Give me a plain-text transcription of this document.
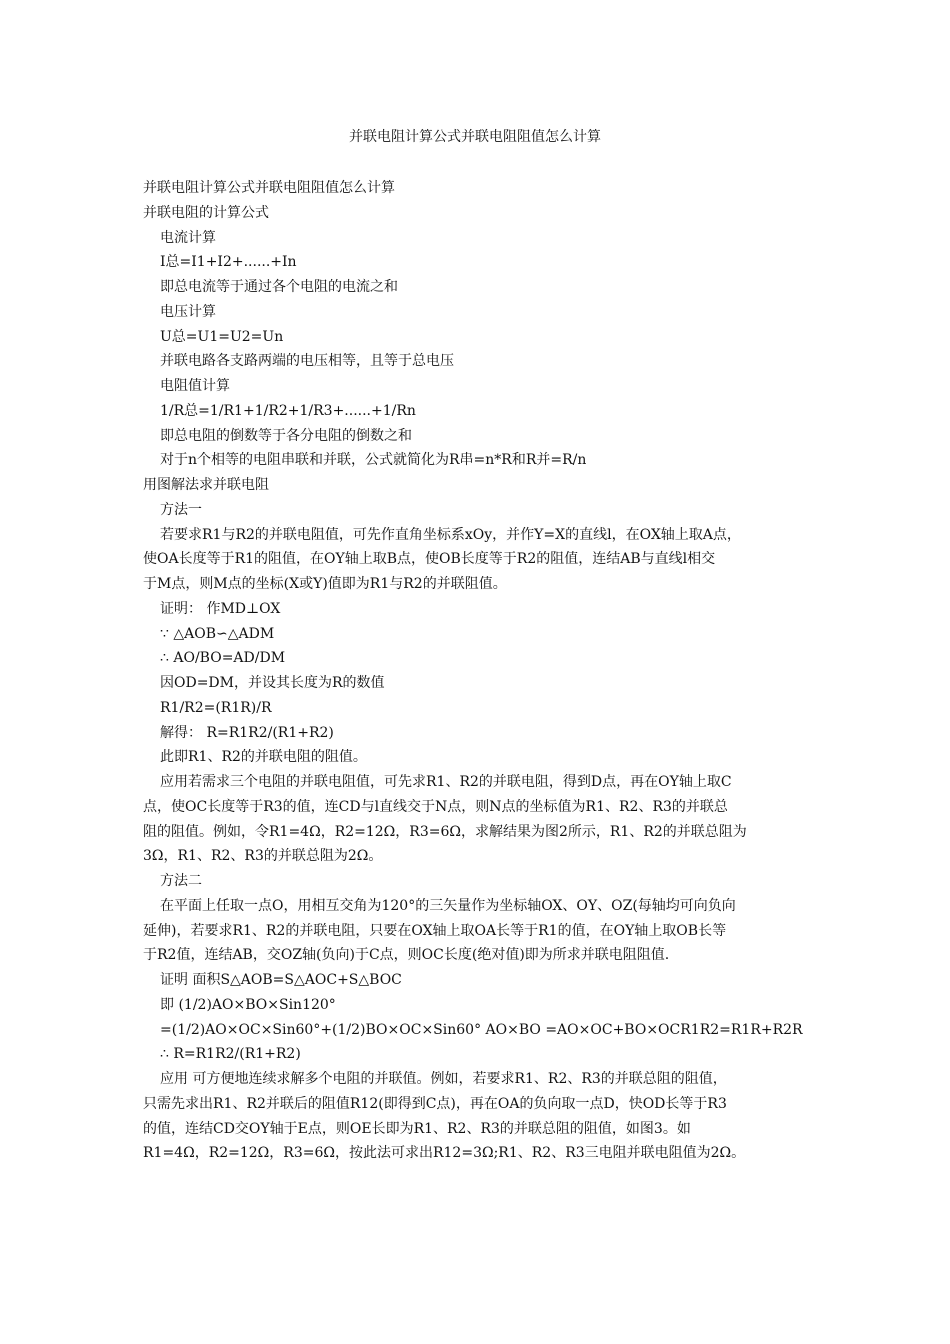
并联电阻计算公式并联电阻阻值怎么计算
并联电阻计算公式并联电阻阻值怎么计算
并联电阻的计算公式
电流计算
I总=I1+I2+......+In
即总电流等于通过各个电阻的电流之和
电压计算
U总=U1=U2=Un
并联电路各支路两端的电压相等，且等于总电压
电阻值计算
1/R总=1/R1+1/R2+1/R3+......+1/Rn
即总电阻的倒数等于各分电阻的倒数之和
对于n个相等的电阻串联和并联，公式就简化为R串=n*R和R并=R/n
用图解法求并联电阻
方法一
若要求R1与R2的并联电阻值，可先作直角坐标系xOy，并作Y=X的直线l，在OX轴上取A点，
使OA长度等于R1的阻值，在OY轴上取B点，使OB长度等于R2的阻值，连结AB与直线l相交
于M点，则M点的坐标(X或Y)值即为R1与R2的并联阻值。
证明： 作MD⊥OX
∵ △AOB∽△ADM
∴ AO/BO=AD/DM
因OD=DM，并设其长度为R的数值
R1/R2=(R1R)/R
解得： R=R1R2/(R1+R2)
此即R1、R2的并联电阻的阻值。
应用若需求三个电阻的并联电阻值，可先求R1、R2的并联电阻，得到D点，再在OY轴上取C
点，使OC长度等于R3的值，连CD与l直线交于N点，则N点的坐标值为R1、R2、R3的并联总
阻的阻值。例如，令R1=4Ω，R2=12Ω，R3=6Ω，求解结果为图2所示，R1、R2的并联总阻为
3Ω，R1、R2、R3的并联总阻为2Ω。
方法二
在平面上任取一点O，用相互交角为120°的三矢量作为坐标轴OX、OY、OZ(每轴均可向负向
延伸)，若要求R1、R2的并联电阻，只要在OX轴上取OA长等于R1的值，在OY轴上取OB长等
于R2值，连结AB，交OZ轴(负向)于C点，则OC长度(绝对值)即为所求并联电阻阻值.
证明 面积S△AOB=S△AOC+S△BOC
即 (1/2)AO×BO×Sin120°
=(1/2)AO×OC×Sin60°+(1/2)BO×OC×Sin60° AO×BO =AO×OC+BO×OCR1R2=R1R+R2R
∴ R=R1R2/(R1+R2)
应用 可方便地连续求解多个电阻的并联值。例如，若要求R1、R2、R3的并联总阻的阻值，
只需先求出R1、R2并联后的阻值R12(即得到C点)，再在OA的负向取一点D，快OD长等于R3
的值，连结CD交OY轴于E点，则OE长即为R1、R2、R3的并联总阻的阻值，如图3。如
R1=4Ω，R2=12Ω，R3=6Ω，按此法可求出R12=3Ω;R1、R2、R3三电阻并联电阻值为2Ω。
